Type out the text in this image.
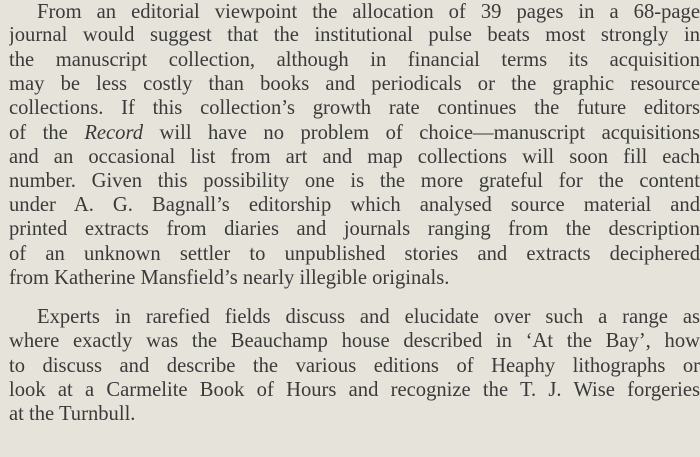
From an editorial viewpoint the allocation of 39 pages in a 68-page
journal would suggest that the institutional pulse beats most strongly in
the manuscript collection, although in financial terms its acquisition
may be less costly than books and periodicals or the graphic resource
collections. If this collection’s growth rate continues the future editors
of the Record will have no problem of choice—manuscript acquisitions
and an occasional list from art and map collections will soon fill each
number. Given this possibility one is the more grateful for the content
under A. G. Bagnall’s editorship which analysed source material and
printed extracts from diaries and journals ranging from the description
of an unknown settler to unpublished stories and extracts deciphered
from Katherine Mansfield’s nearly illegible originals.
Experts in rarefied fields discuss and elucidate over such a range as
where exactly was the Beauchamp house described in ‘At the Bay’, how
to discuss and describe the various editions of Heaphy lithographs or
look at a Carmelite Book of Hours and recognize the T. J. Wise forgeries
at the Turnbull.
